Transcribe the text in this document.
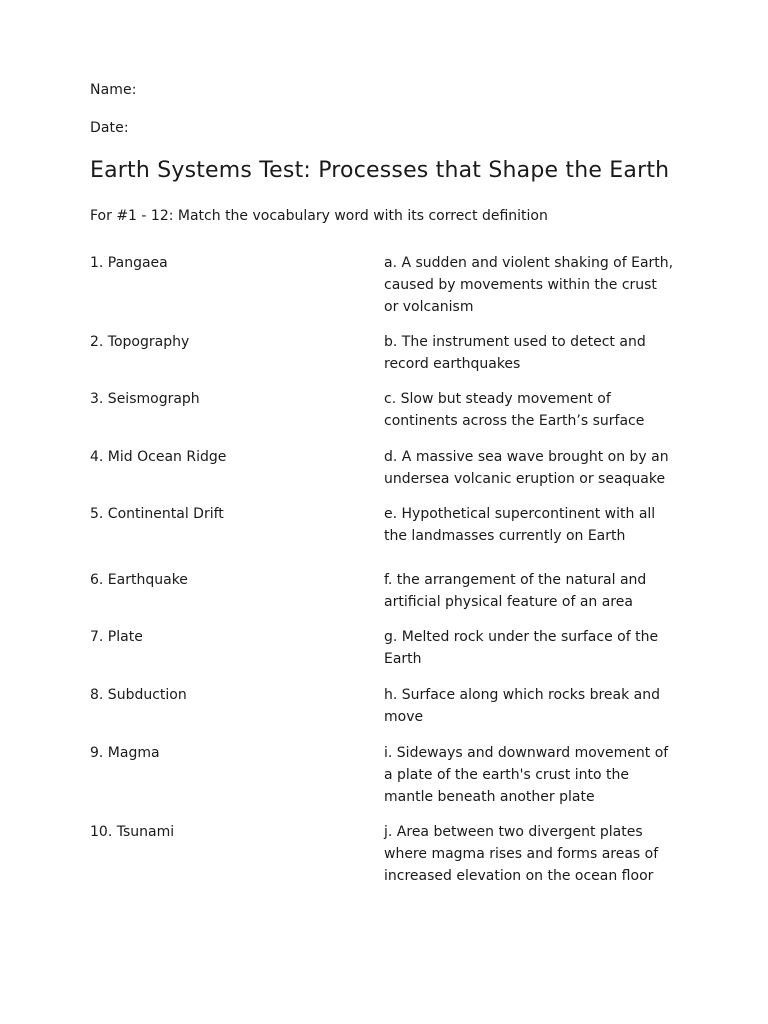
Name:
Date:
Earth Systems Test: Processes that Shape the Earth
For #1 - 12: Match the vocabulary word with its correct definition
1. Pangaea	a. A sudden and violent shaking of Earth, caused by movements within the crust or volcanism
2. Topography	b. The instrument used to detect and record earthquakes
3. Seismograph	c. Slow but steady movement of continents across the Earth’s surface
4. Mid Ocean Ridge	d. A massive sea wave brought on by an undersea volcanic eruption or seaquake
5. Continental Drift	e. Hypothetical supercontinent with all the landmasses currently on Earth
6. Earthquake	f. the arrangement of the natural and artificial physical feature of an area
7. Plate	g. Melted rock under the surface of the Earth
8. Subduction	h. Surface along which rocks break and move
9. Magma	i. Sideways and downward movement of a plate of the earth's crust into the mantle beneath another plate
10. Tsunami	j. Area between two divergent plates where magma rises and forms areas of increased elevation on the ocean floor
